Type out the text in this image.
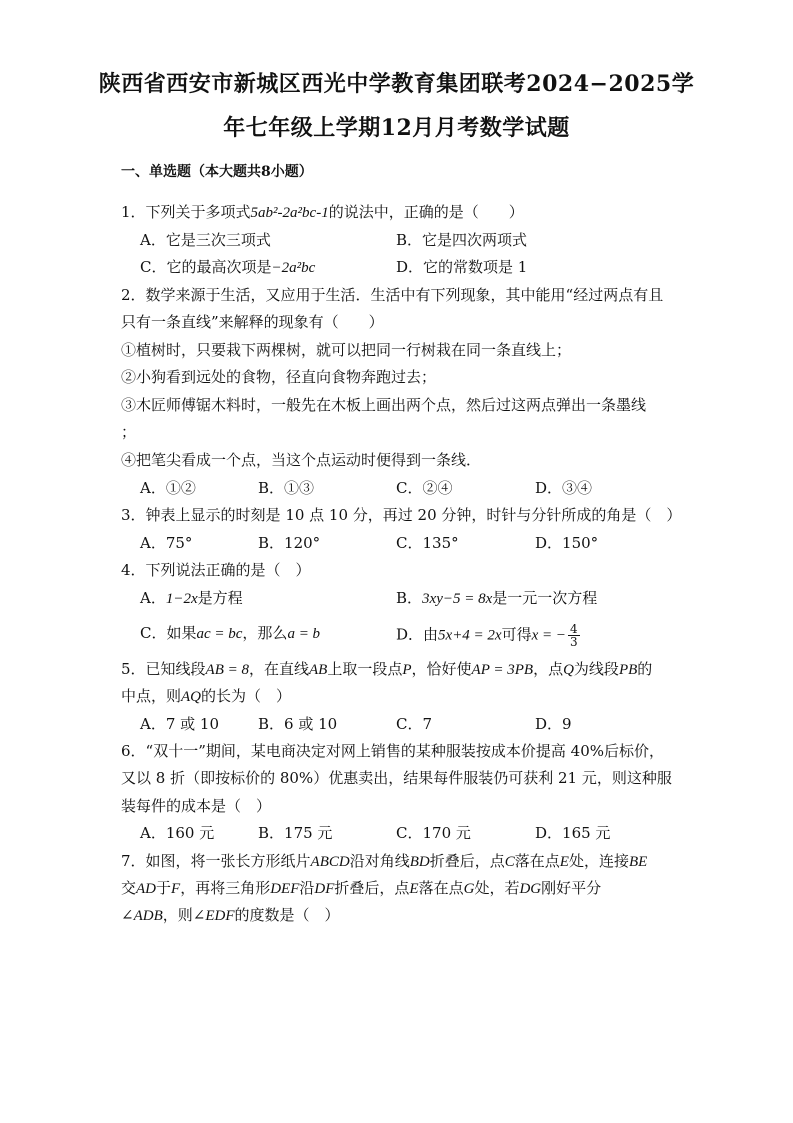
陕西省西安市新城区西光中学教育集团联考2024−2025学
年七年级上学期12月月考数学试题
一、单选题（本大题共8小题）
1．下列关于多项式5ab²-2a²bc-1的说法中，正确的是（　　）
A．它是三次三项式	B．它是四次两项式
C．它的最高次项是−2a²bc	D．它的常数项是 1
2．数学来源于生活，又应用于生活．生活中有下列现象，其中能用“经过两点有且
只有一条直线”来解释的现象有（　　）
①植树时，只要栽下两棵树，就可以把同一行树栽在同一条直线上；
②小狗看到远处的食物，径直向食物奔跑过去；
③木匠师傅锯木料时，一般先在木板上画出两个点，然后过这两点弹出一条墨线
；
④把笔尖看成一个点，当这个点运动时便得到一条线．
A．①②	B．①③	C．②④	D．③④
3．钟表上显示的时刻是 10 点 10 分，再过 20 分钟，时针与分针所成的角是（　）
A．75°	B．120°	C．135°	D．150°
4．下列说法正确的是（　）
A．1−2x是方程	B．3xy−5 = 8x是一元一次方程
C．如果ac = bc，那么a = b	D．由5x+4 = 2x可得x = − $\frac{4}{3}$
5．已知线段AB = 8，在直线AB上取一段点P，恰好使AP = 3PB，点Q为线段PB的
中点，则AQ的长为（　）
A．7 或 10	B．6 或 10	C．7	D．9
6．“双十一”期间，某电商决定对网上销售的某种服装按成本价提高 40%后标价，
又以 8 折（即按标价的 80%）优惠卖出，结果每件服装仍可获利 21 元，则这种服
装每件的成本是（　）
A．160 元	B．175 元	C．170 元	D．165 元
7．如图，将一张长方形纸片ABCD沿对角线BD折叠后，点C落在点E处，连接BE
交AD于F，再将三角形DEF沿DF折叠后，点E落在点G处，若DG刚好平分
∠ADB，则∠EDF的度数是（　）
